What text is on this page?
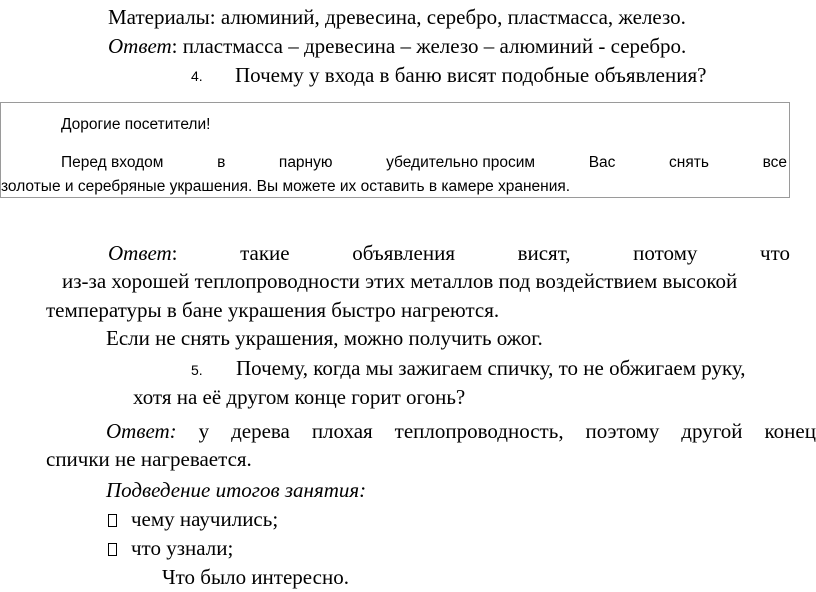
Материалы: алюминий, древесина, серебро, пластмасса, железо.
Ответ: пластмасса – древесина – железо – алюминий - серебро.
4. Почему у входа в баню висят подобные объявления?
Дорогие посетители!
Перед входом	в	парную	убедительно просим	Вас	снять	все
золотые и серебряные украшения. Вы можете их оставить в камере хранения.
Ответ:	такие	объявления	висят,	потому	что
из-за хорошей теплопроводности этих металлов под воздействием высокой
температуры в бане украшения быстро нагреются.
Если не снять украшения, можно получить ожог.
5. Почему, когда мы зажигаем спичку, то не обжигаем руку,
хотя на её другом конце горит огонь?
Ответ: у дерева плохая теплопроводность, поэтому другой конец
спички не нагревается.
Подведение итогов занятия:
чему научились;
что узнали;
Что было интересно.
